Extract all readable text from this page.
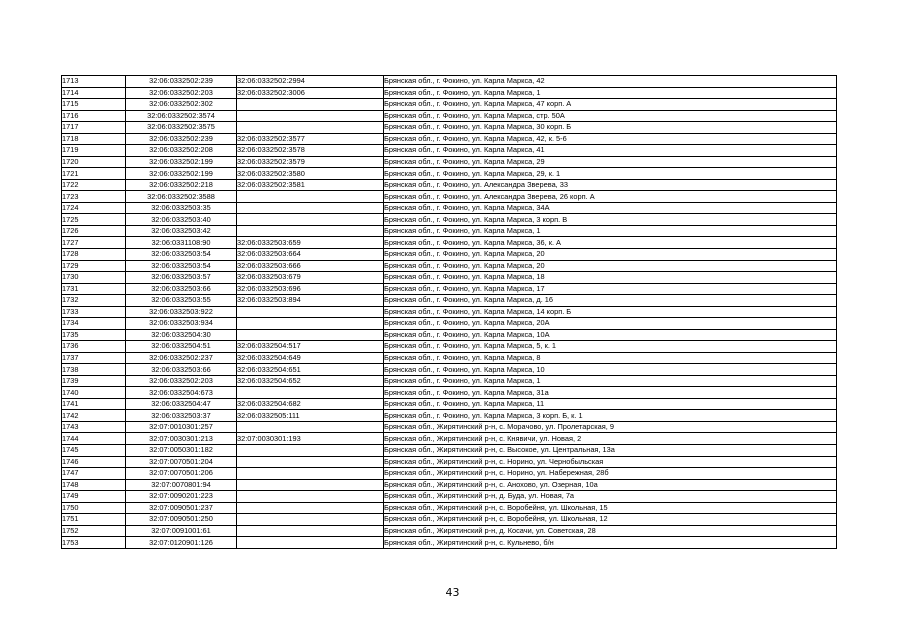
1713	32:06:0332502:239	32:06:0332502:2994	Брянская обл., г. Фокино, ул. Карла Маркса, 42
1714	32:06:0332502:203	32:06:0332502:3006	Брянская обл., г. Фокино, ул. Карла Маркса, 1
1715	32:06:0332502:302		Брянская обл., г. Фокино, ул. Карла Маркса, 47 корп. А
1716	32:06:0332502:3574		Брянская обл., г. Фокино, ул. Карла Маркса, стр. 50А
1717	32:06:0332502:3575		Брянская обл., г. Фокино, ул. Карла Маркса, 30 корп. Б
1718	32:06:0332502:239	32:06:0332502:3577	Брянская обл., г. Фокино, ул. Карла Маркса, 42, к. 5-6
1719	32:06:0332502:208	32:06:0332502:3578	Брянская обл., г. Фокино, ул. Карла Маркса, 41
1720	32:06:0332502:199	32:06:0332502:3579	Брянская обл., г. Фокино, ул. Карла Маркса, 29
1721	32:06:0332502:199	32:06:0332502:3580	Брянская обл., г. Фокино, ул. Карла Маркса, 29, к. 1
1722	32:06:0332502:218	32:06:0332502:3581	Брянская обл., г. Фокино, ул. Александра Зверева, 33
1723	32:06:0332502:3588		Брянская обл., г. Фокино, ул. Александра Зверева, 26 корп. А
1724	32:06:0332503:35		Брянская обл., г. Фокино, ул. Карла Маркса, 34А
1725	32:06:0332503:40		Брянская обл., г. Фокино, ул. Карла Маркса, 3 корп. В
1726	32:06:0332503:42		Брянская обл., г. Фокино, ул. Карла Маркса, 1
1727	32:06:0331108:90	32:06:0332503:659	Брянская обл., г. Фокино, ул. Карла Маркса, 36, к. А
1728	32:06:0332503:54	32:06:0332503:664	Брянская обл., г. Фокино, ул. Карла Маркса, 20
1729	32:06:0332503:54	32:06:0332503:666	Брянская обл., г. Фокино, ул. Карла Маркса, 20
1730	32:06:0332503:57	32:06:0332503:679	Брянская обл., г. Фокино, ул. Карла Маркса, 18
1731	32:06:0332503:66	32:06:0332503:696	Брянская обл., г. Фокино, ул. Карла Маркса, 17
1732	32:06:0332503:55	32:06:0332503:894	Брянская обл., г. Фокино, ул. Карла Маркса, д. 16
1733	32:06:0332503:922		Брянская обл., г. Фокино, ул. Карла Маркса, 14 корп. Б
1734	32:06:0332503:934		Брянская обл., г. Фокино, ул. Карла Маркса, 20А
1735	32:06:0332504:30		Брянская обл., г. Фокино, ул. Карла Маркса, 10А
1736	32:06:0332504:51	32:06:0332504:517	Брянская обл., г. Фокино, ул. Карла Маркса, 5, к. 1
1737	32:06:0332502:237	32:06:0332504:649	Брянская обл., г. Фокино, ул. Карла Маркса, 8
1738	32:06:0332503:66	32:06:0332504:651	Брянская обл., г. Фокино, ул. Карла Маркса, 10
1739	32:06:0332502:203	32:06:0332504:652	Брянская обл., г. Фокино, ул. Карла Маркса, 1
1740	32:06:0332504:673		Брянская обл., г. Фокино, ул. Карла Маркса, 31а
1741	32:06:0332504:47	32:06:0332504:682	Брянская обл., г. Фокино, ул. Карла Маркса, 11
1742	32:06:0332503:37	32:06:0332505:111	Брянская обл., г. Фокино, ул. Карла Маркса, 3 корп. Б, к. 1
1743	32:07:0010301:257		Брянская обл., Жирятинский р-н, с. Морачово, ул. Пролетарская, 9
1744	32:07:0030301:213	32:07:0030301:193	Брянская обл., Жирятинский р-н, с. Княвичи, ул. Новая, 2
1745	32:07:0050301:182		Брянская обл., Жирятинский р-н, с. Высокое, ул. Центральная, 13а
1746	32:07:0070501:204		Брянская обл., Жирятинский р-н, с. Норино, ул. Чернобыльская
1747	32:07:0070501:206		Брянская обл., Жирятинский р-н, с. Норино, ул. Набережная, 28б
1748	32:07:0070801:94		Брянская обл., Жирятинский р-н, с. Анохово, ул. Озерная, 10а
1749	32:07:0090201:223		Брянская обл., Жирятинский р-н, д. Буда, ул. Новая, 7а
1750	32:07:0090501:237		Брянская обл., Жирятинский р-н, с. Воробейня, ул. Школьная, 15
1751	32:07:0090501:250		Брянская обл., Жирятинский р-н, с. Воробейня, ул. Школьная, 12
1752	32:07:0091001:61		Брянская обл., Жирятинский р-н, д. Косачи, ул. Советская, 28
1753	32:07:0120901:126		Брянская обл., Жирятинский р-н, с. Кульнево, б/н
43
